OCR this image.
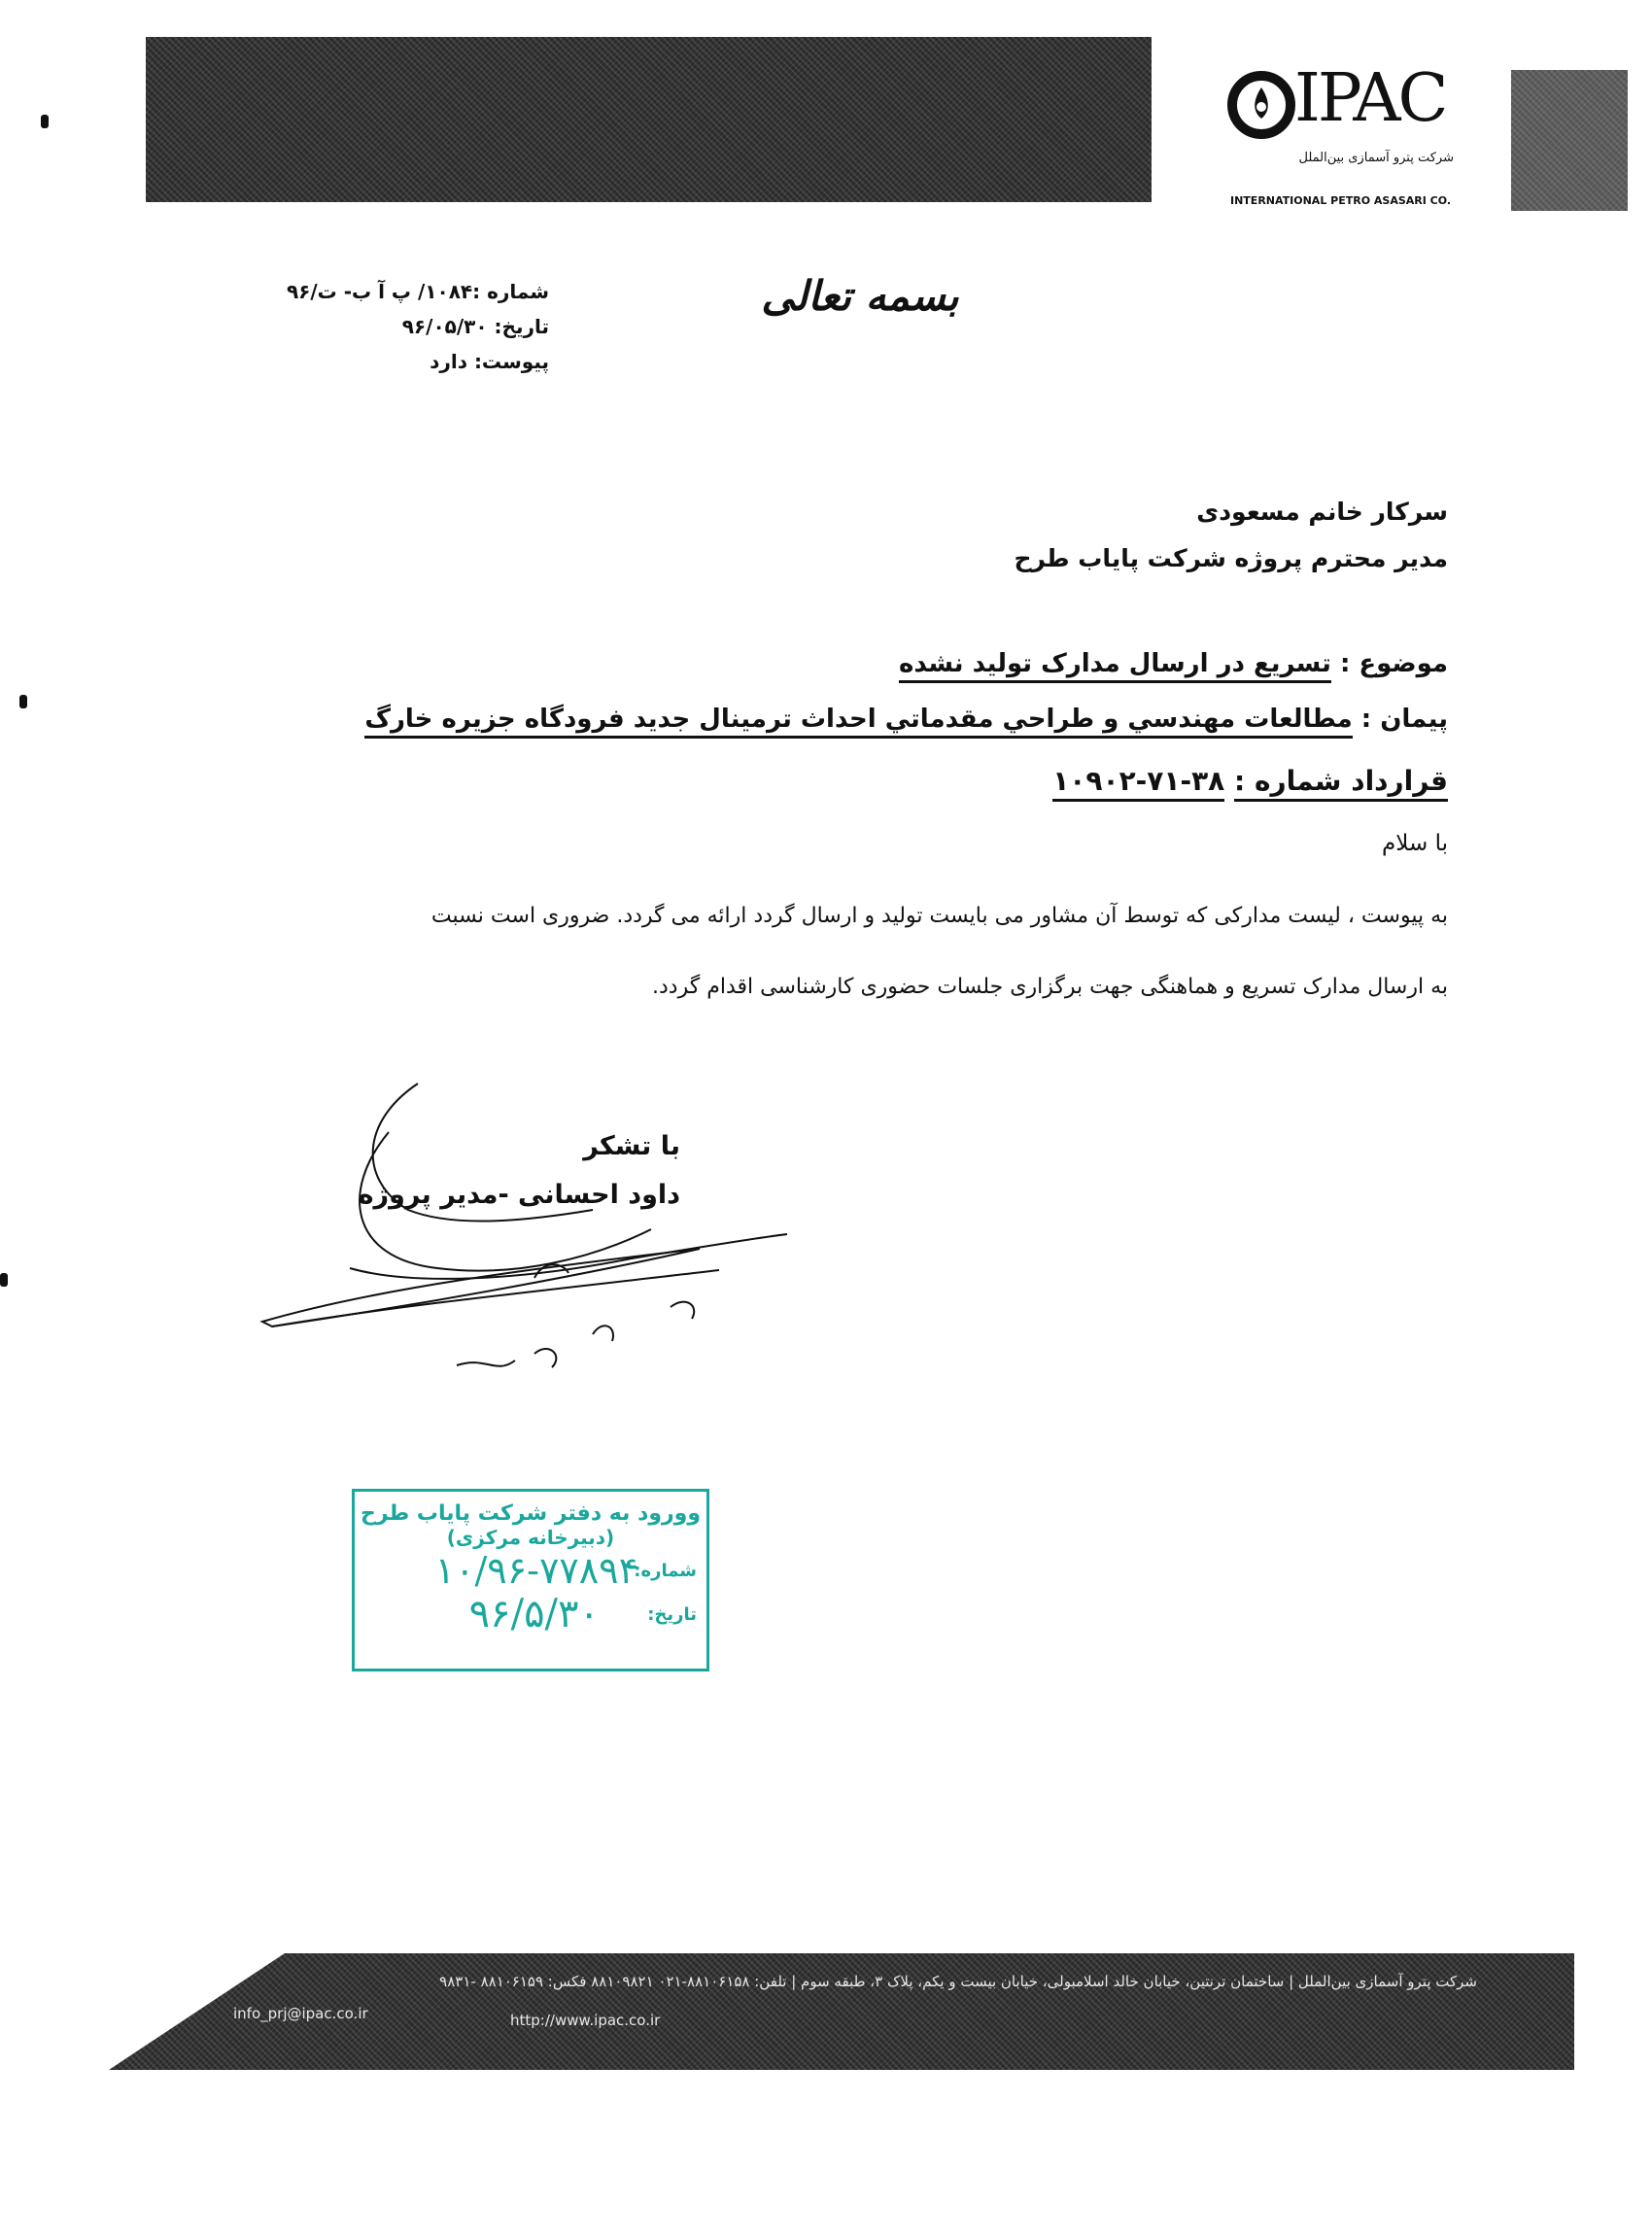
IPAC
شرکت پترو آسمازی بین‌الملل
INTERNATIONAL PETRO ASASARI CO.
بسمه تعالی
شماره :۱۰۸۴/ پ آ ب- ت/۹۶
تاریخ: ۹۶/۰۵/۳۰
پیوست: دارد
سرکار خانم مسعودی
مدیر محترم پروژه شرکت پایاب طرح
موضوع : تسریع در ارسال مدارک تولید نشده
پیمان : مطالعات مهندسي و طراحي مقدماتي احداث ترمينال جديد فرودگاه جزيره خارگ
قرارداد شماره : ۳۸-۷۱-۱۰۹۰۲
با سلام
به پیوست ، لیست مدارکی که توسط آن مشاور می بایست تولید و ارسال گردد ارائه می گردد. ضروری است نسبت
به ارسال مدارک تسریع و هماهنگی جهت برگزاری جلسات حضوری کارشناسی اقدام گردد.
با تشکر
داود احسانی -مدیر پروژه
وورود به دفتر شرکت پایاب طرح
(دبیرخانه مرکزی)
شماره:
۱۰/۹۶-۷۷۸۹۴
تاریخ:
۹۶/۵/۳۰
شرکت پترو آسمازی بین‌الملل | ساختمان ترنتین، خیابان خالد اسلامبولی، خیابان بیست و یکم، پلاک ۳، طبقه سوم | تلفن: ۸۸۱۰۶۱۵۸-۰۲۱ ۸۸۱۰۹۸۲۱ فکس: ۸۸۱۰۶۱۵۹ -۹۸۳۱
info_prj@ipac.co.ir	http://www.ipac.co.ir
